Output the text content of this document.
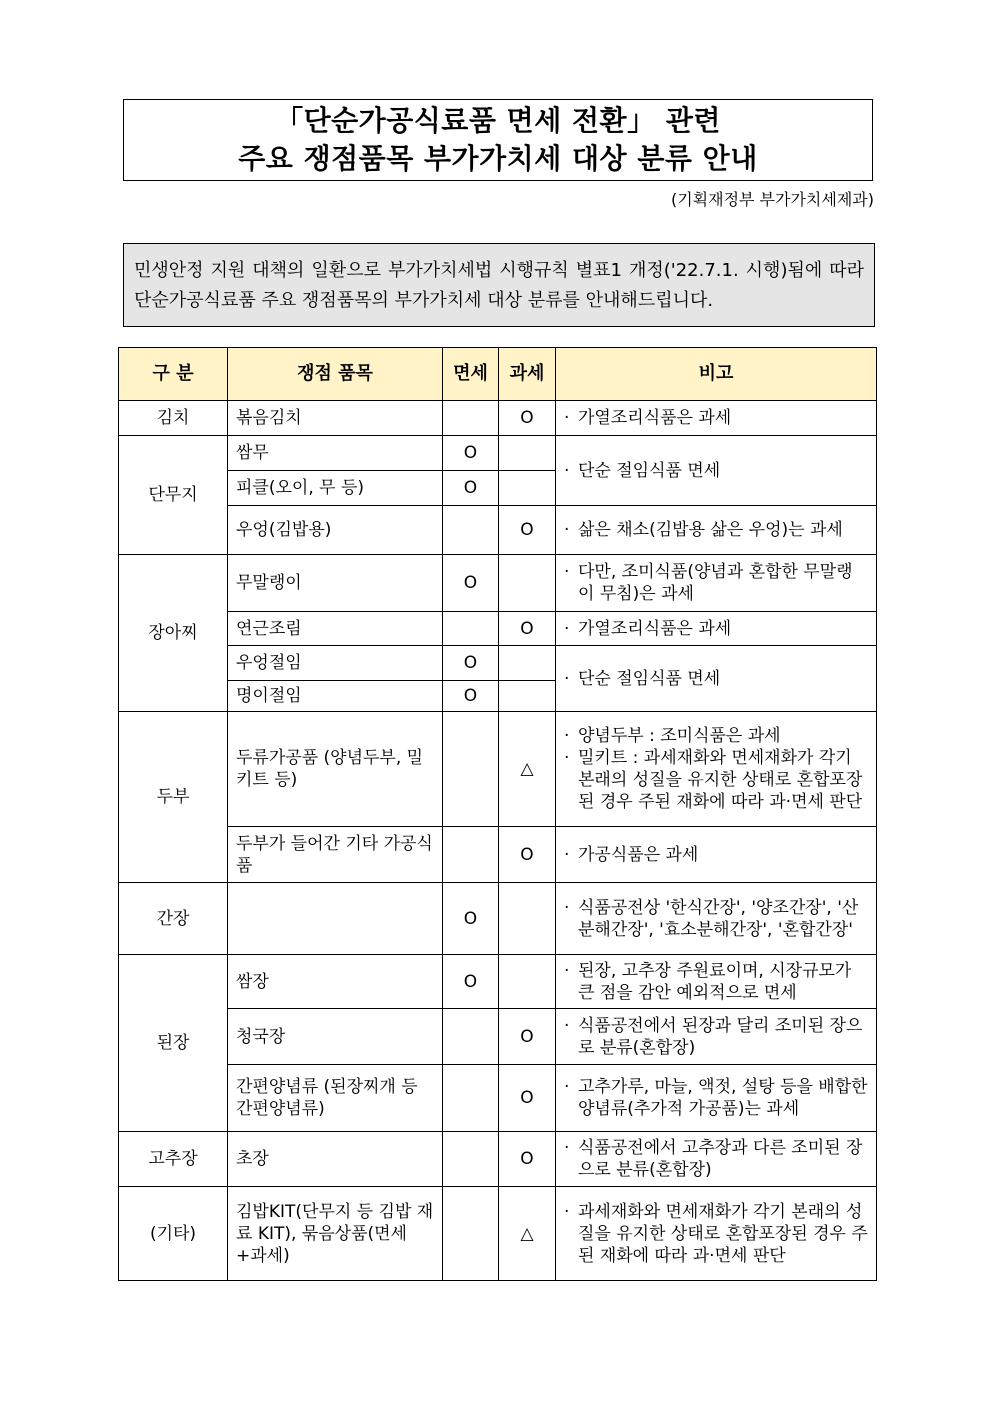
「단순가공식료품 면세 전환」 관련
주요 쟁점품목 부가가치세 대상 분류 안내
(기획재정부 부가가치세제과)
민생안정 지원 대책의 일환으로 부가가치세법 시행규칙 별표1 개정('22.7.1. 시행)됨에 따라 단순가공식료품 주요 쟁점품목의 부가가치세 대상 분류를 안내해드립니다.
구 분	쟁점 품목	면세	과세	비고
김치	볶음김치		O	· 가열조리식품은 과세

단무지	쌈무	O		· 단순 절임식품 면세

	피클(오이, 무 등)	O		
	우엉(김밥용)		O	· 삶은 채소(김밥용 삶은 우엉)는 과세

장아찌	무말랭이	O		· 다만, 조미식품(양념과 혼합한 무말랭이 무침)은 과세

	연근조림		O	· 가열조리식품은 과세

	우엉절임	O		· 단순 절임식품 면세

	명이절임	O		
두부	두류가공품 (양념두부, 밀키트 등)		△	· 양념두부 : 조미식품은 과세
· 밀키트 : 과세재화와 면세재화가 각기 본래의 성질을 유지한 상태로 혼합포장된 경우 주된 재화에 따라 과·면세 판단

	두부가 들어간 기타 가공식품		O	· 가공식품은 과세

간장		O		· 식품공전상 '한식간장', '양조간장', '산분해간장', '효소분해간장', '혼합간장'

된장	쌈장	O		· 된장, 고추장 주원료이며, 시장규모가 큰 점을 감안 예외적으로 면세

	청국장		O	· 식품공전에서 된장과 달리 조미된 장으로 분류(혼합장)

	간편양념류 (된장찌개 등 간편양념류)		O	· 고추가루, 마늘, 액젓, 설탕 등을 배합한 양념류(추가적 가공품)는 과세

고추장	초장		O	· 식품공전에서 고추장과 다른 조미된 장으로 분류(혼합장)

(기타)	김밥KIT(단무지 등 김밥 재료 KIT), 묶음상품(면세+과세)		△	· 과세재화와 면세재화가 각기 본래의 성질을 유지한 상태로 혼합포장된 경우 주된 재화에 따라 과·면세 판단
